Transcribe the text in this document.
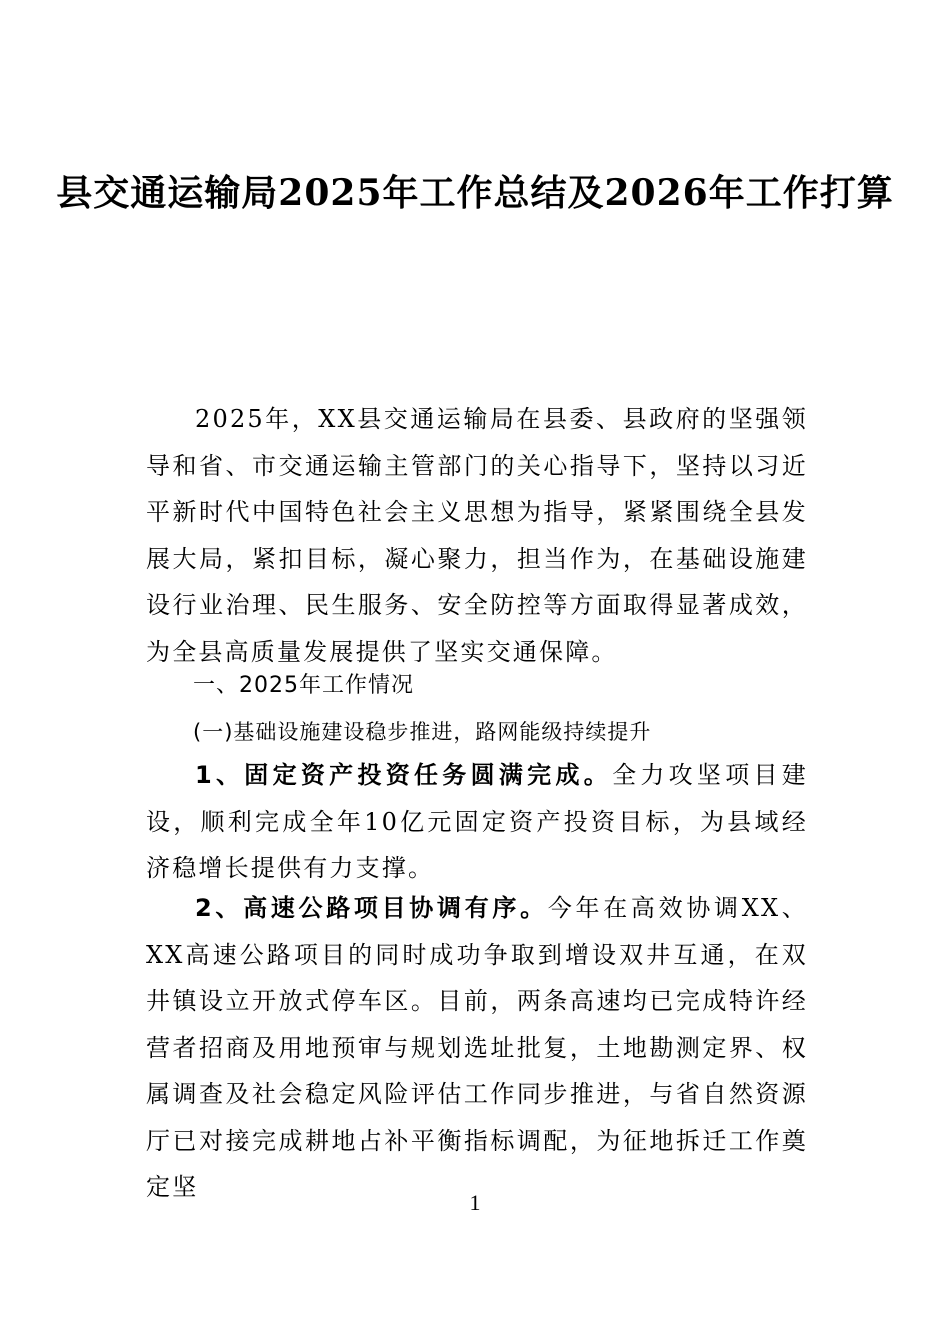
县交通运输局2025年工作总结及2026年工作打算
2025年，XX县交通运输局在县委、县政府的坚强领导和省、市交通运输主管部门的关心指导下，坚持以习近平新时代中国特色社会主义思想为指导，紧紧围绕全县发展大局，紧扣目标，凝心聚力，担当作为，在基础设施建设行业治理、民生服务、安全防控等方面取得显著成效，为全县高质量发展提供了坚实交通保障。
一、2025年工作情况
(一)基础设施建设稳步推进，路网能级持续提升
1、固定资产投资任务圆满完成。全力攻坚项目建设，顺利完成全年10亿元固定资产投资目标，为县域经济稳增长提供有力支撑。
2、高速公路项目协调有序。今年在高效协调XX、XX高速公路项目的同时成功争取到增设双井互通，在双井镇设立开放式停车区。目前，两条高速均已完成特许经营者招商及用地预审与规划选址批复，土地勘测定界、权属调查及社会稳定风险评估工作同步推进，与省自然资源厅已对接完成耕地占补平衡指标调配，为征地拆迁工作奠定坚
1
